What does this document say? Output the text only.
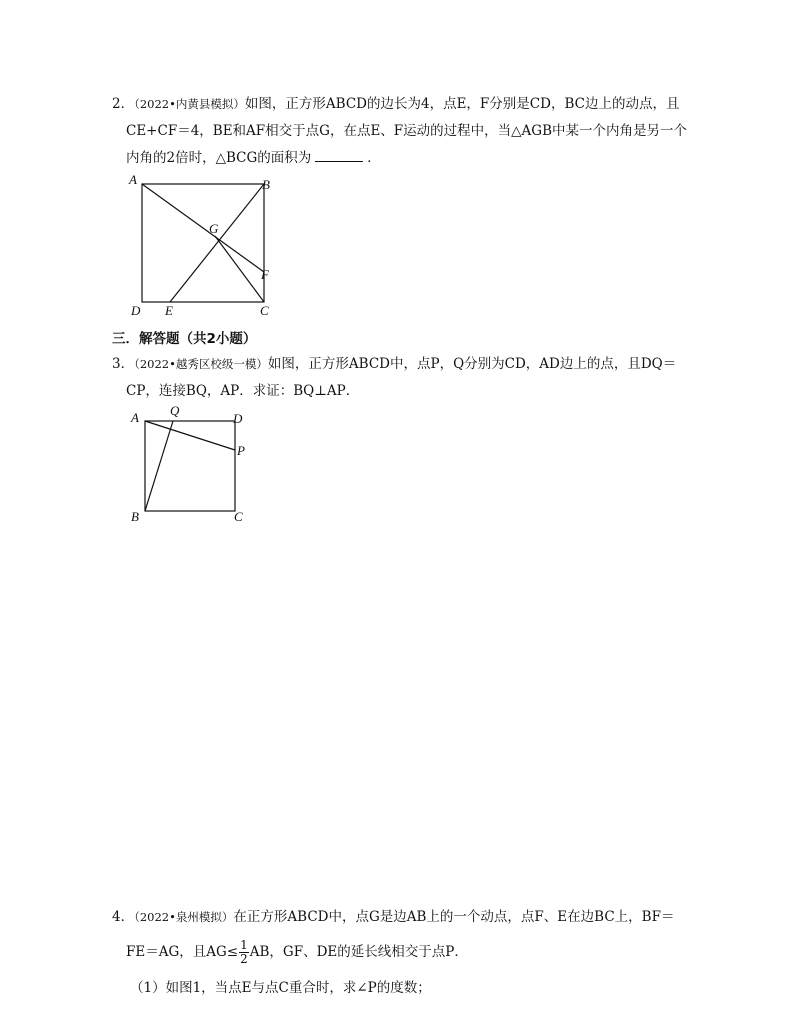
2．（2022•内黄县模拟）如图，正方形ABCD的边长为4，点E，F分别是CD，BC边上的动点，且
CE+CF＝4，BE和AF相交于点G，在点E、F运动的过程中，当△AGB中某一个内角是另一个
内角的2倍时，△BCG的面积为	．
A	B
G
F
D E	C
三．解答题（共2小题）
3．（2022•越秀区校级一模）如图，正方形ABCD中，点P，Q分别为CD，AD边上的点，且DQ＝
CP，连接BQ，AP．求证：BQ⊥AP．
A Q
D
P
B	C
4．（2022•泉州模拟）在正方形ABCD中，点G是边AB上的一个动点，点F、E在边BC上，BF＝
FE＝AG，且$AG\le \frac{1}{2}$ AB，GF、DE的延长线相交于点P．
（1）如图1，当点E与点C重合时，求∠P的度数；
